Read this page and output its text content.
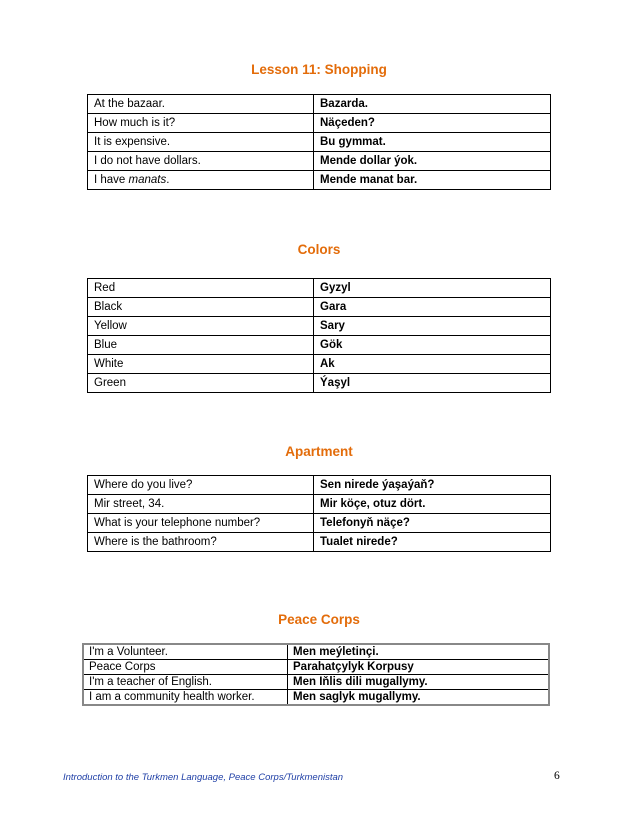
Lesson 11: Shopping
At the bazaar.	Bazarda.
How much is it?	Näçeden?
It is expensive.	Bu gymmat.
I do not have dollars.	Mende dollar ýok.
I have manats.	Mende manat bar.
Colors
Red	Gyzyl
Black	Gara
Yellow	Sary
Blue	Gök
White	Ak
Green	Ýaşyl
Apartment
Where do you live?	Sen nirede ýaşaýaň?
Mir street, 34.	Mir köçe, otuz dört.
What is your telephone number?	Telefonyň näçe?
Where is the bathroom?	Tualet nirede?
Peace Corps
I'm a Volunteer.	Men meýletinçi.
Peace Corps	Parahatçylyk Korpusy
I'm a teacher of English.	Men Iňlis dili mugallymy.
I am a community health worker.	Men saglyk mugallymy.
Introduction to the Turkmen Language, Peace Corps/Turkmenistan	6
